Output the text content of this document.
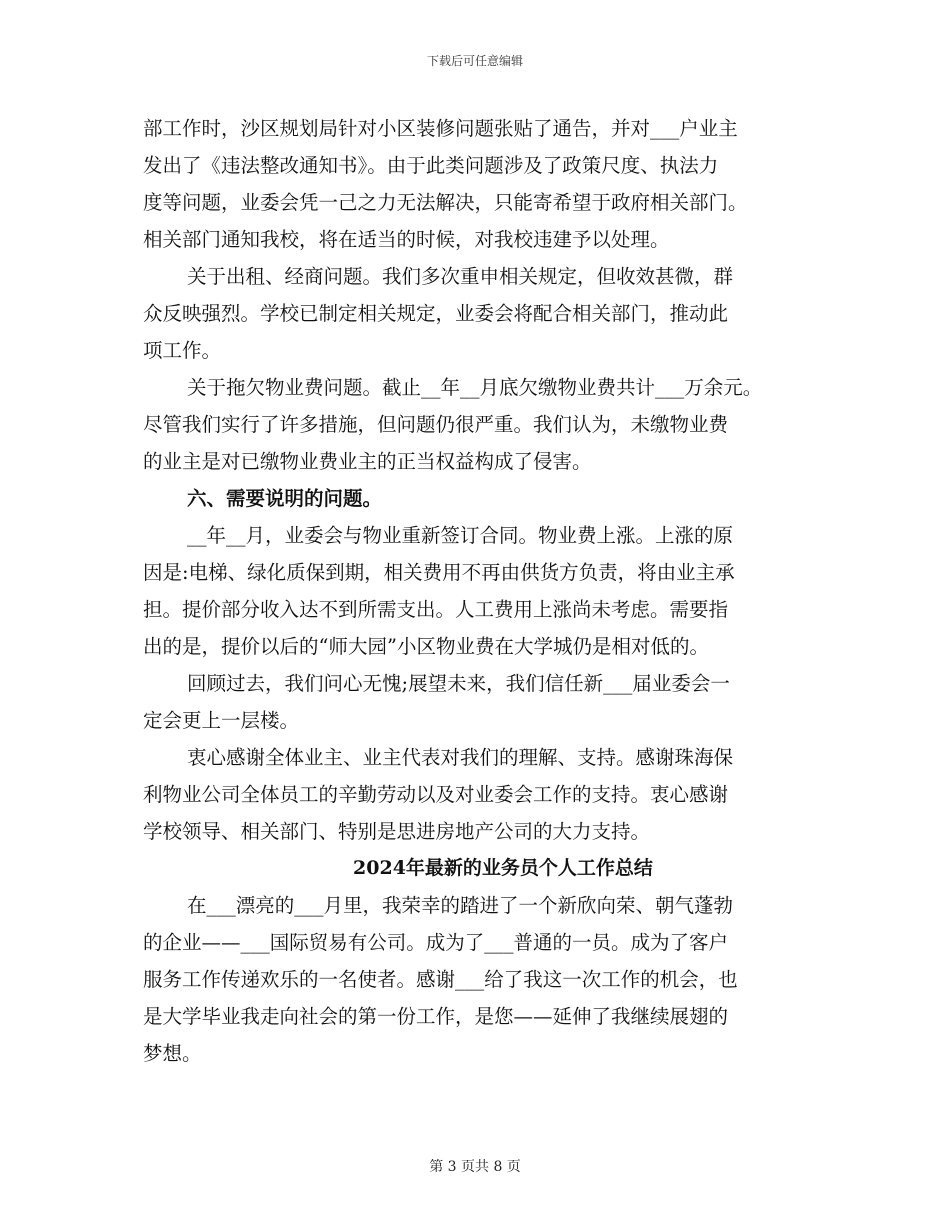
下载后可任意编辑
部工作时，沙区规划局针对小区装修问题张贴了通告，并对___户业主
发出了《违法整改通知书》。由于此类问题涉及了政策尺度、执法力
度等问题，业委会凭一己之力无法解决，只能寄希望于政府相关部门。
相关部门通知我校，将在适当的时候，对我校违建予以处理。
关于出租、经商问题。我们多次重申相关规定，但收效甚微，群
众反映强烈。学校已制定相关规定，业委会将配合相关部门，推动此
项工作。
关于拖欠物业费问题。截止__年__月底欠缴物业费共计___万余元。
尽管我们实行了许多措施，但问题仍很严重。我们认为，未缴物业费
的业主是对已缴物业费业主的正当权益构成了侵害。
六、需要说明的问题。
__年__月，业委会与物业重新签订合同。物业费上涨。上涨的原
因是:电梯、绿化质保到期，相关费用不再由供货方负责，将由业主承
担。提价部分收入达不到所需支出。人工费用上涨尚未考虑。需要指
出的是，提价以后的“师大园”小区物业费在大学城仍是相对低的。
回顾过去，我们问心无愧;展望未来，我们信任新___届业委会一
定会更上一层楼。
衷心感谢全体业主、业主代表对我们的理解、支持。感谢珠海保
利物业公司全体员工的辛勤劳动以及对业委会工作的支持。衷心感谢
学校领导、相关部门、特别是思进房地产公司的大力支持。
2024年最新的业务员个人工作总结
在___漂亮的___月里，我荣幸的踏进了一个新欣向荣、朝气蓬勃
的企业——___国际贸易有公司。成为了___普通的一员。成为了客户
服务工作传递欢乐的一名使者。感谢___给了我这一次工作的机会，也
是大学毕业我走向社会的第一份工作，是您——延伸了我继续展翅的
梦想。
第 3 页共 8 页
